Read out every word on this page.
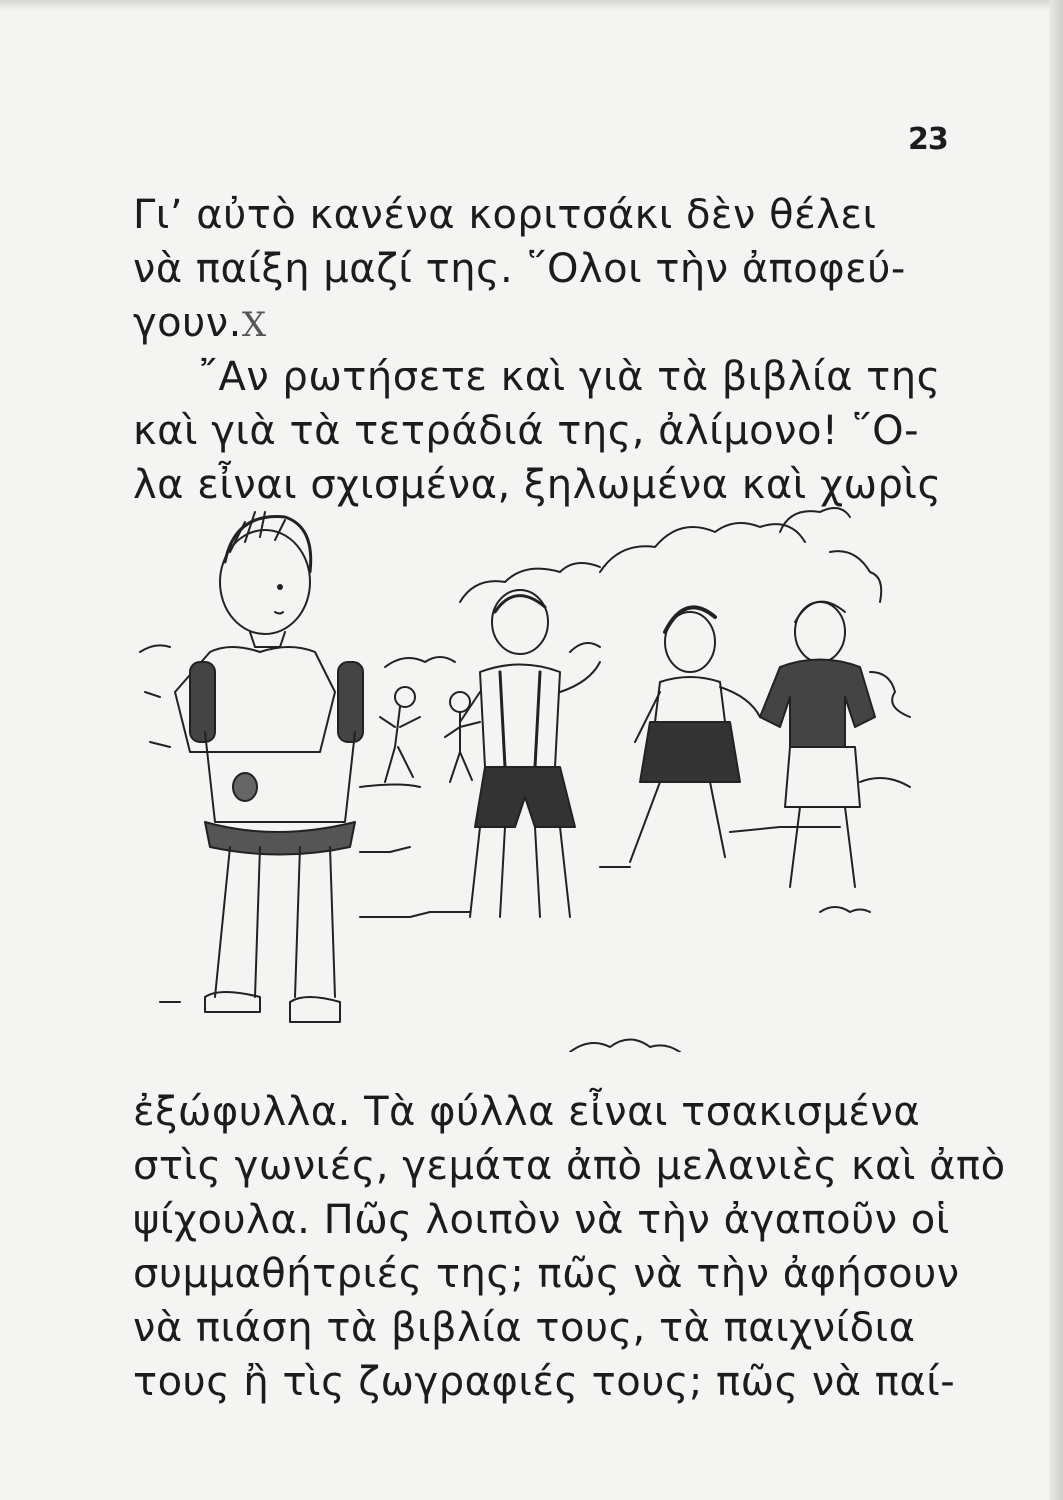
23
Γι’ αὐτὸ κανένα κοριτσάκι δὲν θέλει
νὰ παίξη μαζί της. ῞Ολοι τὴν ἀποφεύ-
γουν.X
῎Αν ρωτήσετε καὶ γιὰ τὰ βιβλία της
καὶ γιὰ τὰ τετράδιά της, ἀλίμονο! ῞Ο-
λα εἶναι σχισμένα, ξηλωμένα καὶ χωρὶς
ἐξώφυλλα. Τὰ φύλλα εἶναι τσακισμένα
στὶς γωνιές, γεμάτα ἀπὸ μελανιὲς καὶ ἀπὸ
ψίχουλα. Πῶς λοιπὸν νὰ τὴν ἀγαποῦν οἱ
συμμαθήτριές της; πῶς νὰ τὴν ἀφήσουν
νὰ πιάση τὰ βιβλία τους, τὰ παιχνίδια
τους ἢ τὶς ζωγραφιές τους; πῶς νὰ παί-
